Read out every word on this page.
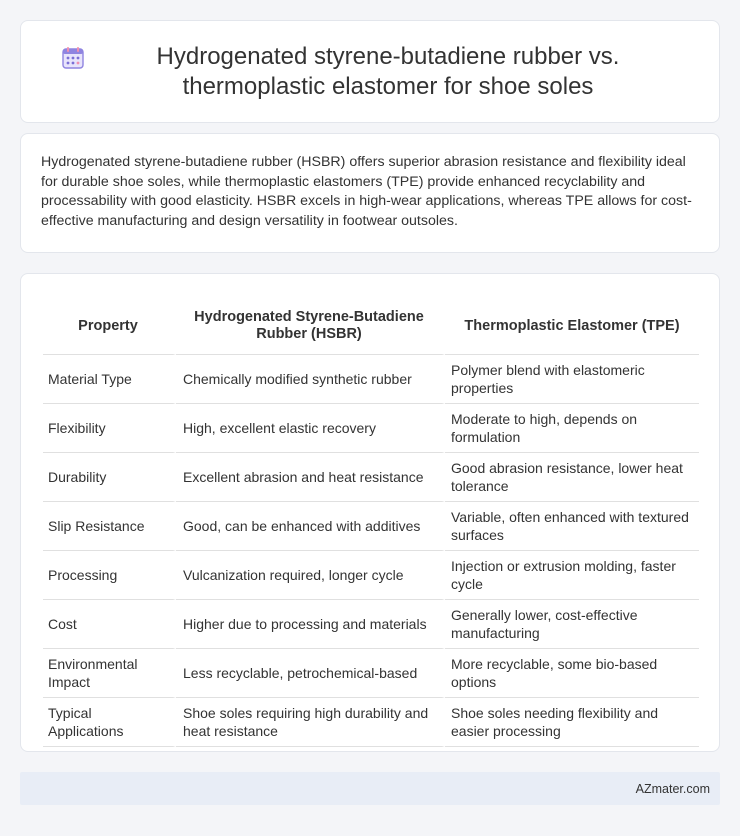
Hydrogenated styrene-butadiene rubber vs. thermoplastic elastomer for shoe soles

Hydrogenated styrene-butadiene rubber (HSBR) offers superior abrasion resistance and flexibility ideal for durable shoe soles, while thermoplastic elastomers (TPE) provide enhanced recyclability and processability with good elasticity. HSBR excels in high-wear applications, whereas TPE allows for cost-effective manufacturing and design versatility in footwear outsoles.

Property	Hydrogenated Styrene-Butadiene Rubber (HSBR)	Thermoplastic Elastomer (TPE)
Material Type	Chemically modified synthetic rubber	Polymer blend with elastomeric properties
Flexibility	High, excellent elastic recovery	Moderate to high, depends on formulation
Durability	Excellent abrasion and heat resistance	Good abrasion resistance, lower heat tolerance
Slip Resistance	Good, can be enhanced with additives	Variable, often enhanced with textured surfaces
Processing	Vulcanization required, longer cycle	Injection or extrusion molding, faster cycle
Cost	Higher due to processing and materials	Generally lower, cost-effective manufacturing
Environmental Impact	Less recyclable, petrochemical-based	More recyclable, some bio-based options
Typical Applications	Shoe soles requiring high durability and heat resistance	Shoe soles needing flexibility and easier processing
AZmater.com
